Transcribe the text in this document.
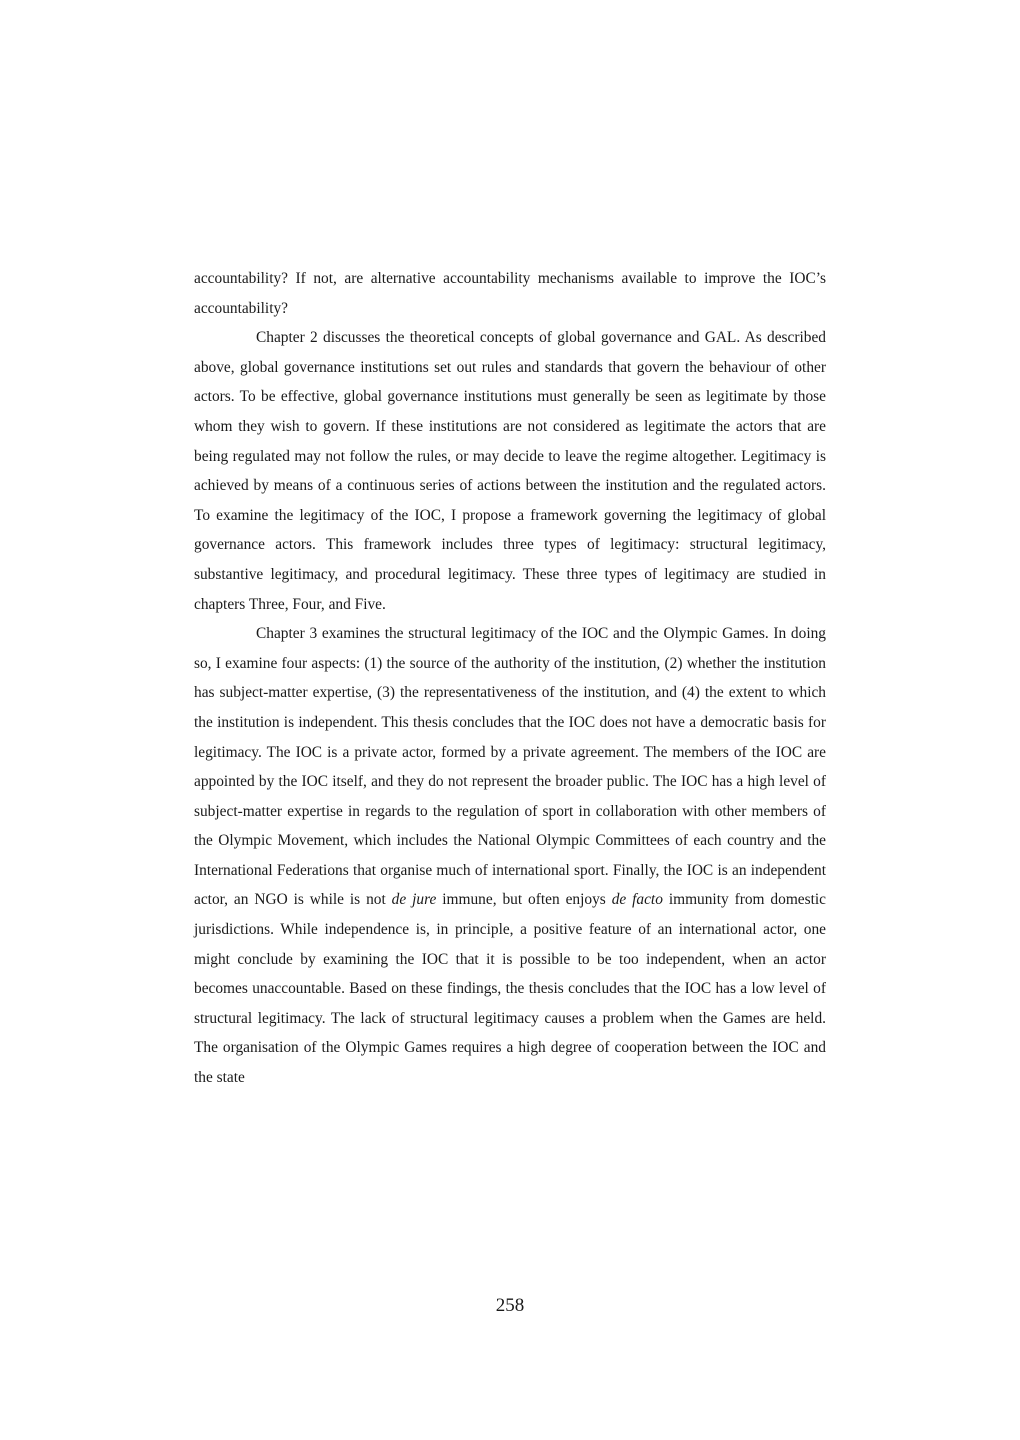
accountability? If not, are alternative accountability mechanisms available to improve the IOC’s accountability?

Chapter 2 discusses the theoretical concepts of global governance and GAL. As described above, global governance institutions set out rules and standards that govern the behaviour of other actors. To be effective, global governance institutions must generally be seen as legitimate by those whom they wish to govern. If these institutions are not considered as legitimate the actors that are being regulated may not follow the rules, or may decide to leave the regime altogether. Legitimacy is achieved by means of a continuous series of actions between the institution and the regulated actors. To examine the legitimacy of the IOC, I propose a framework governing the legitimacy of global governance actors. This framework includes three types of legitimacy: structural legitimacy, substantive legitimacy, and procedural legitimacy. These three types of legitimacy are studied in chapters Three, Four, and Five.

Chapter 3 examines the structural legitimacy of the IOC and the Olympic Games. In doing so, I examine four aspects: (1) the source of the authority of the institution, (2) whether the institution has subject-matter expertise, (3) the representativeness of the institution, and (4) the extent to which the institution is independent. This thesis concludes that the IOC does not have a democratic basis for legitimacy. The IOC is a private actor, formed by a private agreement. The members of the IOC are appointed by the IOC itself, and they do not represent the broader public. The IOC has a high level of subject-matter expertise in regards to the regulation of sport in collaboration with other members of the Olympic Movement, which includes the National Olympic Committees of each country and the International Federations that organise much of international sport. Finally, the IOC is an independent actor, an NGO is while is not de jure immune, but often enjoys de facto immunity from domestic jurisdictions. While independence is, in principle, a positive feature of an international actor, one might conclude by examining the IOC that it is possible to be too independent, when an actor becomes unaccountable. Based on these findings, the thesis concludes that the IOC has a low level of structural legitimacy. The lack of structural legitimacy causes a problem when the Games are held. The organisation of the Olympic Games requires a high degree of cooperation between the IOC and the state

258
